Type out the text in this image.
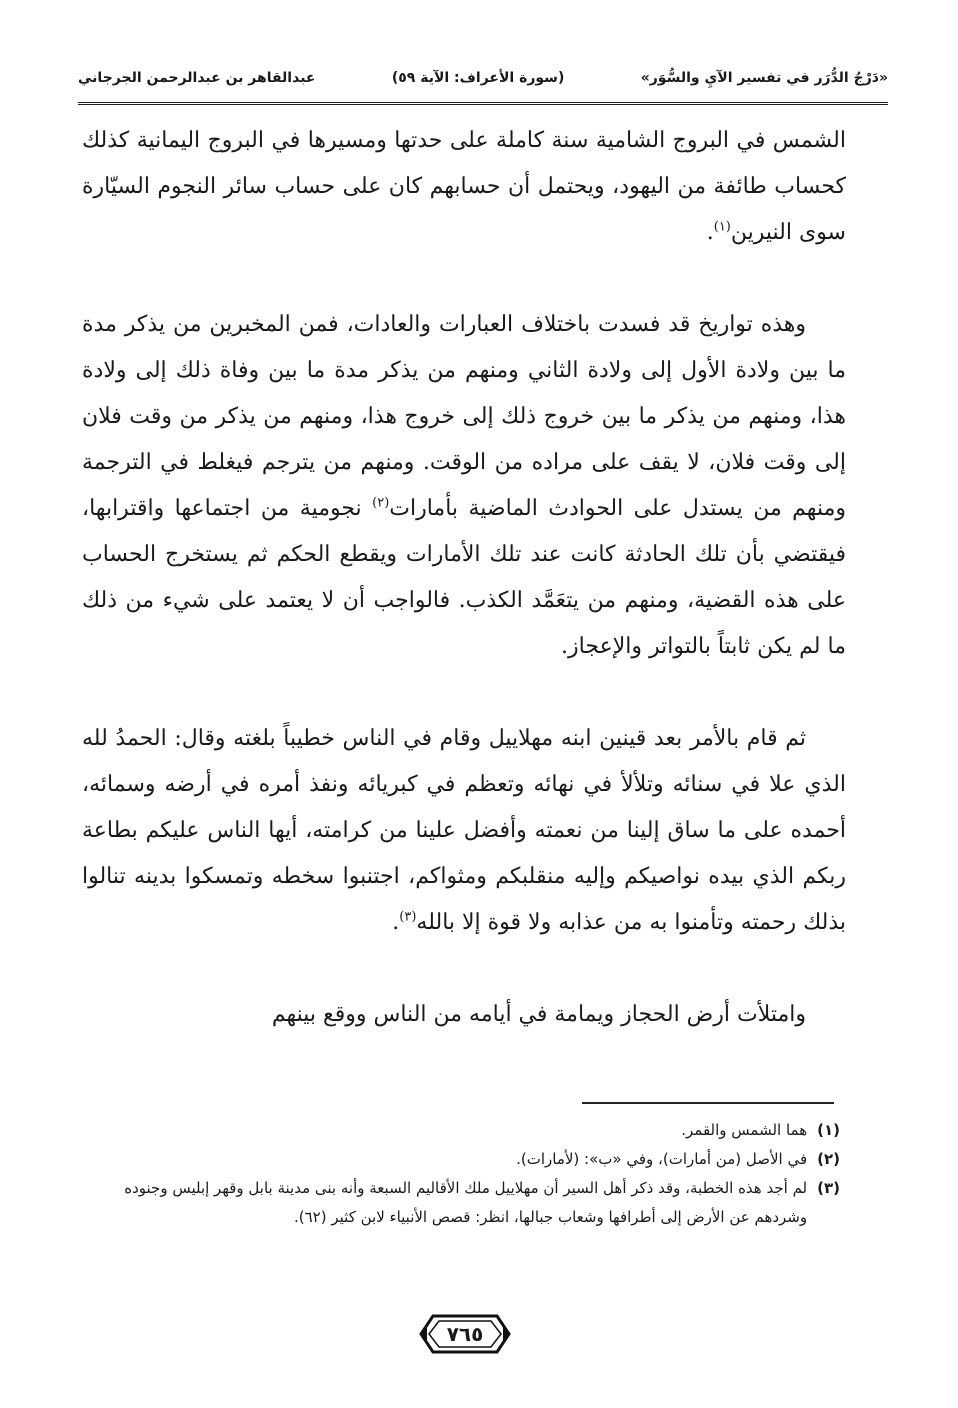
«دَرْجُ الدُّرَر في تفسير الآيِ والسُّوَر»
(سورة الأعراف: الآية ٥٩)
عبدالقاهر بن عبدالرحمن الجرجاني

الشمس في البروج الشامية سنة كاملة على حدتها ومسيرها في البروج اليمانية كذلك كحساب طائفة من اليهود، ويحتمل أن حسابهم كان على حساب سائر النجوم السيّارة سوى النيرين$^{(١)}$.

وهذه تواريخ قد فسدت باختلاف العبارات والعادات، فمن المخبرين من يذكر مدة ما بين ولادة الأول إلى ولادة الثاني ومنهم من يذكر مدة ما بين وفاة ذلك إلى ولادة هذا، ومنهم من يذكر ما بين خروج ذلك إلى خروج هذا، ومنهم من يذكر من وقت فلان إلى وقت فلان، لا يقف على مراده من الوقت. ومنهم من يترجم فيغلط في الترجمة ومنهم من يستدل على الحوادث الماضية بأمارات$^{(٢)}$ نجومية من اجتماعها واقترابها، فيقتضي بأن تلك الحادثة كانت عند تلك الأمارات ويقطع الحكم ثم يستخرج الحساب على هذه القضية، ومنهم من يتعَمَّد الكذب. فالواجب أن لا يعتمد على شيء من ذلك ما لم يكن ثابتاً بالتواتر والإعجاز.

ثم قام بالأمر بعد قينين ابنه مهلاييل وقام في الناس خطيباً بلغته وقال: الحمدُ لله الذي علا في سنائه وتلألأ في نهائه وتعظم في كبريائه ونفذ أمره في أرضه وسمائه، أحمده على ما ساق إلينا من نعمته وأفضل علينا من كرامته، أيها الناس عليكم بطاعة ربكم الذي بيده نواصيكم وإليه منقلبكم ومثواكم، اجتنبوا سخطه وتمسكوا بدينه تنالوا بذلك رحمته وتأمنوا به من عذابه ولا قوة إلا بالله$^{(٣)}$.

وامتلأت أرض الحجاز ويمامة في أيامه من الناس ووقع بينهم

(١)
هما الشمس والقمر.
(٢)
في الأصل (من أمارات)، وفي «ب»: (لأمارات).
(٣)
لم أجد هذه الخطبة، وقد ذكر أهل السير أن مهلاييل ملك الأقاليم السبعة وأنه بنى مدينة بابل وقهر إبليس وجنوده وشردهم عن الأرض إلى أطرافها وشعاب جبالها، انظر: قصص الأنبياء لابن كثير (٦٢).
٧٦٥
